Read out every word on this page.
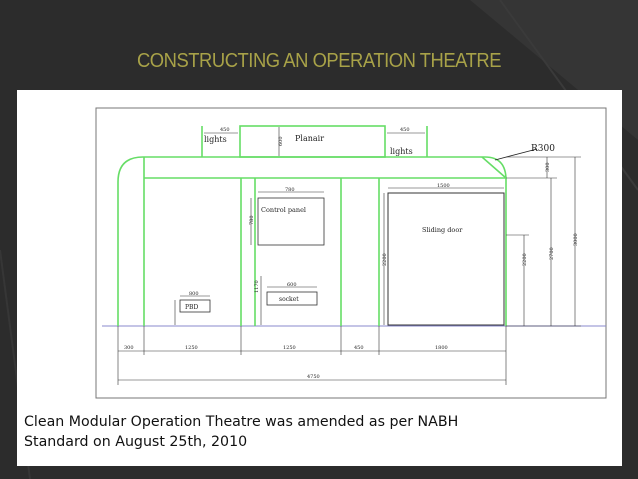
CONSTRUCTING AN OPERATION THEATRE
lights
450
Planair
600
lights
450
R300
Control panel
780
780
Sliding door
1500
2200
socket
600
1170
PBD
800
2200	2700
3000
300
300	1250	1250	450	1800
4750
Clean Modular Operation Theatre was amended as per NABH
Standard on August 25th, 2010
